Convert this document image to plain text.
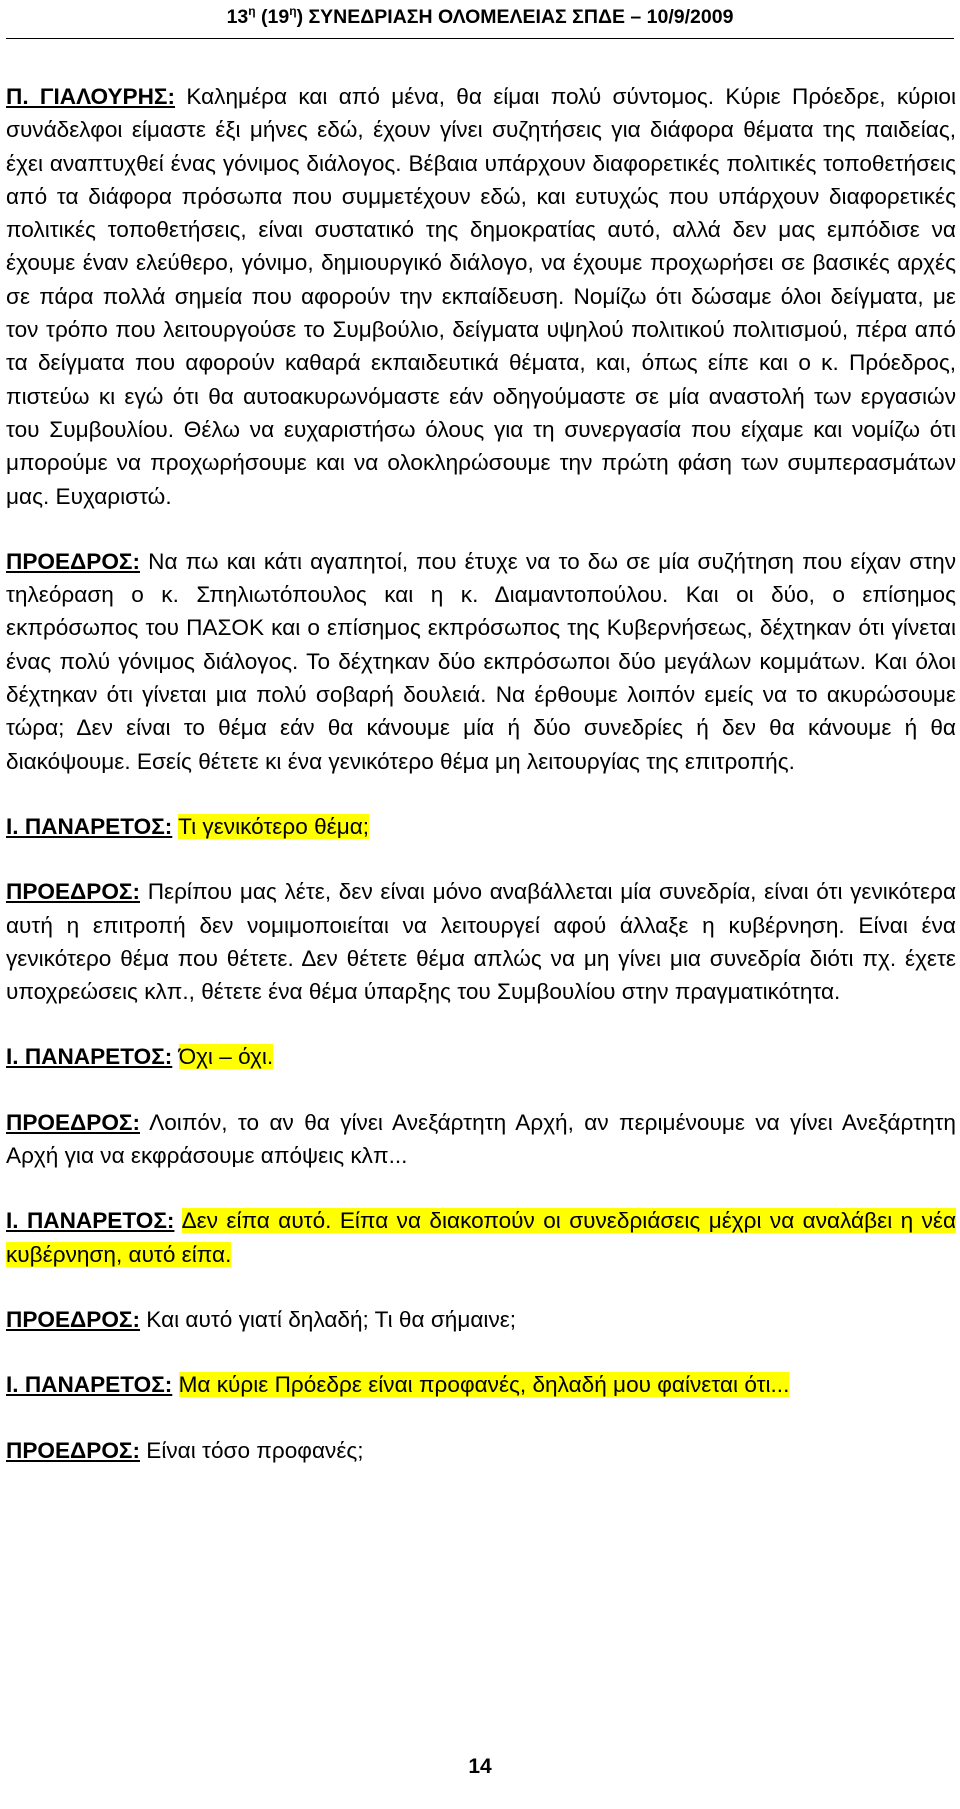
$13^\eta$ $(19^\eta)$ ΣΥΝΕΔΡΙΑΣΗ ΟΛΟΜΕΛΕΙΑΣ ΣΠΔΕ – 10/9/2009

Π. ΓΙΑΛΟΥΡΗΣ: Καλημέρα και από μένα, θα είμαι πολύ σύντομος. Κύριε Πρόεδρε, κύριοι συνάδελφοι είμαστε έξι μήνες εδώ, έχουν γίνει συζητήσεις για διάφορα θέματα της παιδείας, έχει αναπτυχθεί ένας γόνιμος διάλογος. Βέβαια υπάρχουν διαφορετικές πολιτικές τοποθετήσεις από τα διάφορα πρόσωπα που συμμετέχουν εδώ, και ευτυχώς που υπάρχουν διαφορετικές πολιτικές τοποθετήσεις, είναι συστατικό της δημοκρατίας αυτό, αλλά δεν μας εμπόδισε να έχουμε έναν ελεύθερο, γόνιμο, δημιουργικό διάλογο, να έχουμε προχωρήσει σε βασικές αρχές σε πάρα πολλά σημεία που αφορούν την εκπαίδευση. Νομίζω ότι δώσαμε όλοι δείγματα, με τον τρόπο που λειτουργούσε το Συμβούλιο, δείγματα υψηλού πολιτικού πολιτισμού, πέρα από τα δείγματα που αφορούν καθαρά εκπαιδευτικά θέματα, και, όπως είπε και ο κ. Πρόεδρος, πιστεύω κι εγώ ότι θα αυτοακυρωνόμαστε εάν οδηγούμαστε σε μία αναστολή των εργασιών του Συμβουλίου. Θέλω να ευχαριστήσω όλους για τη συνεργασία που είχαμε και νομίζω ότι μπορούμε να προχωρήσουμε και να ολοκληρώσουμε την πρώτη φάση των συμπερασμάτων μας. Ευχαριστώ.

ΠΡΟΕΔΡΟΣ: Να πω και κάτι αγαπητοί, που έτυχε να το δω σε μία συζήτηση που είχαν στην τηλεόραση ο κ. Σπηλιωτόπουλος και η κ. Διαμαντοπούλου. Και οι δύο, ο επίσημος εκπρόσωπος του ΠΑΣΟΚ και ο επίσημος εκπρόσωπος της Κυβερνήσεως, δέχτηκαν ότι γίνεται ένας πολύ γόνιμος διάλογος. Το δέχτηκαν δύο εκπρόσωποι δύο μεγάλων κομμάτων. Και όλοι δέχτηκαν ότι γίνεται μια πολύ σοβαρή δουλειά. Να έρθουμε λοιπόν εμείς να το ακυρώσουμε τώρα; Δεν είναι το θέμα εάν θα κάνουμε μία ή δύο συνεδρίες ή δεν θα κάνουμε ή θα διακόψουμε. Εσείς θέτετε κι ένα γενικότερο θέμα μη λειτουργίας της επιτροπής.

Ι. ΠΑΝΑΡΕΤΟΣ: Τι γενικότερο θέμα;

ΠΡΟΕΔΡΟΣ: Περίπου μας λέτε, δεν είναι μόνο αναβάλλεται μία συνεδρία, είναι ότι γενικότερα αυτή η επιτροπή δεν νομιμοποιείται να λειτουργεί αφού άλλαξε η κυβέρνηση. Είναι ένα γενικότερο θέμα που θέτετε. Δεν θέτετε θέμα απλώς να μη γίνει μια συνεδρία διότι πχ. έχετε υποχρεώσεις κλπ., θέτετε ένα θέμα ύπαρξης του Συμβουλίου στην πραγματικότητα.

Ι. ΠΑΝΑΡΕΤΟΣ: Όχι – όχι.

ΠΡΟΕΔΡΟΣ: Λοιπόν, το αν θα γίνει Ανεξάρτητη Αρχή, αν περιμένουμε να γίνει Ανεξάρτητη Αρχή για να εκφράσουμε απόψεις κλπ...

Ι. ΠΑΝΑΡΕΤΟΣ: Δεν είπα αυτό. Είπα να διακοπούν οι συνεδριάσεις μέχρι να αναλάβει η νέα κυβέρνηση, αυτό είπα.

ΠΡΟΕΔΡΟΣ: Και αυτό γιατί δηλαδή; Τι θα σήμαινε;

Ι. ΠΑΝΑΡΕΤΟΣ: Μα κύριε Πρόεδρε είναι προφανές, δηλαδή μου φαίνεται ότι...

ΠΡΟΕΔΡΟΣ: Είναι τόσο προφανές;

14
